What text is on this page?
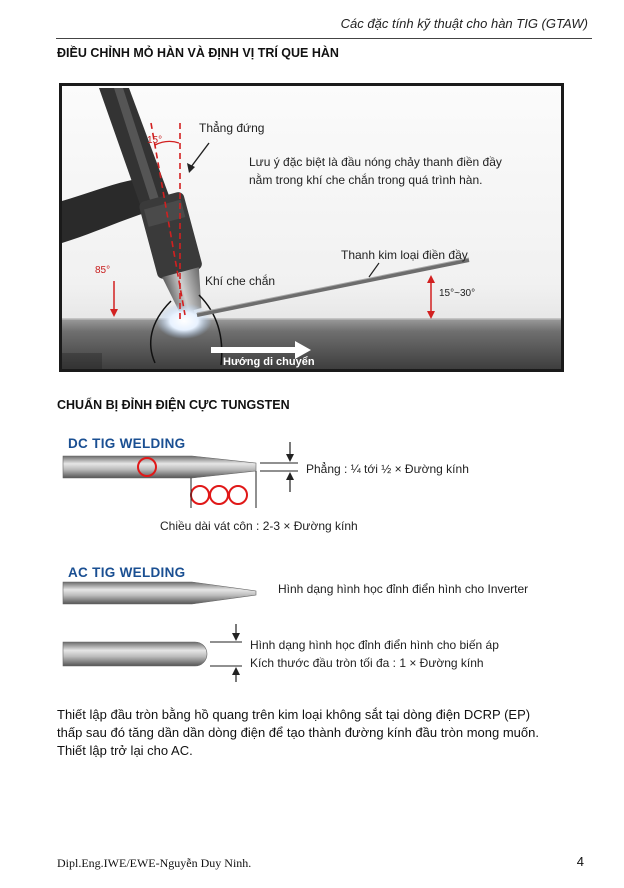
Các đặc tính kỹ thuật cho hàn TIG (GTAW)
ĐIỀU CHỈNH MỎ HÀN VÀ ĐỊNH VỊ TRÍ QUE HÀN
15°
85°
15°~30°
Thẳng đứng
Lưu ý đặc biệt là đầu nóng chảy thanh điền đầy
nằm trong khí che chắn trong quá trình hàn.
Thanh kim loại điền đầy
Khí che chắn
Hướng di chuyển
CHUẨN BỊ ĐỈNH ĐIỆN CỰC TUNGSTEN
DC TIG WELDING
Phẳng : ¼ tới ½ × Đường kính
Chiều dài vát côn : 2-3 × Đường kính
AC TIG WELDING
Hình dạng hình học đỉnh điển hình cho Inverter
Hình dạng hình học đỉnh điển hình cho biến áp
Kích thước đầu tròn tối đa : 1 × Đường kính
Thiết lập đầu tròn bằng hồ quang trên kim loại không sắt tại dòng điện DCRP (EP)
thấp sau đó tăng dần dần dòng điện để tạo thành đường kính đầu tròn mong muốn.
Thiết lập trở lại cho AC.
Dipl.Eng.IWE/EWE-Nguyễn Duy Ninh.	4
